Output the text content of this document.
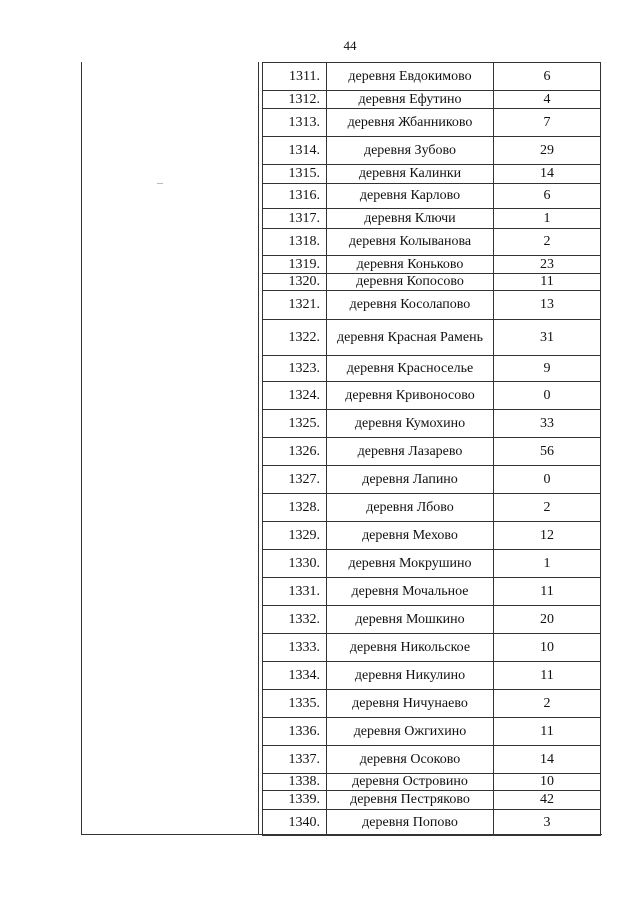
44
1311.	деревня Евдокимово	6
1312.	деревня Ефутино	4
1313.	деревня Жбанниково	7
1314.	деревня Зубово	29
1315.	деревня Калинки	14
1316.	деревня Карлово	6
1317.	деревня Ключи	1
1318.	деревня Колыванова	2
1319.	деревня Коньково	23
1320.	деревня Копосово	11
1321.	деревня Косолапово	13
1322.	деревня Красная Рамень	31
1323.	деревня Красноселье	9
1324.	деревня Кривоносово	0
1325.	деревня Кумохино	33
1326.	деревня Лазарево	56
1327.	деревня Лапино	0
1328.	деревня Лбово	2
1329.	деревня Мехово	12
1330.	деревня Мокрушино	1
1331.	деревня Мочальное	11
1332.	деревня Мошкино	20
1333.	деревня Никольское	10
1334.	деревня Никулино	11
1335.	деревня Ничунаево	2
1336.	деревня Ожгихино	11
1337.	деревня Осоково	14
1338.	деревня Островино	10
1339.	деревня Пестряково	42
1340.	деревня Попово	3
